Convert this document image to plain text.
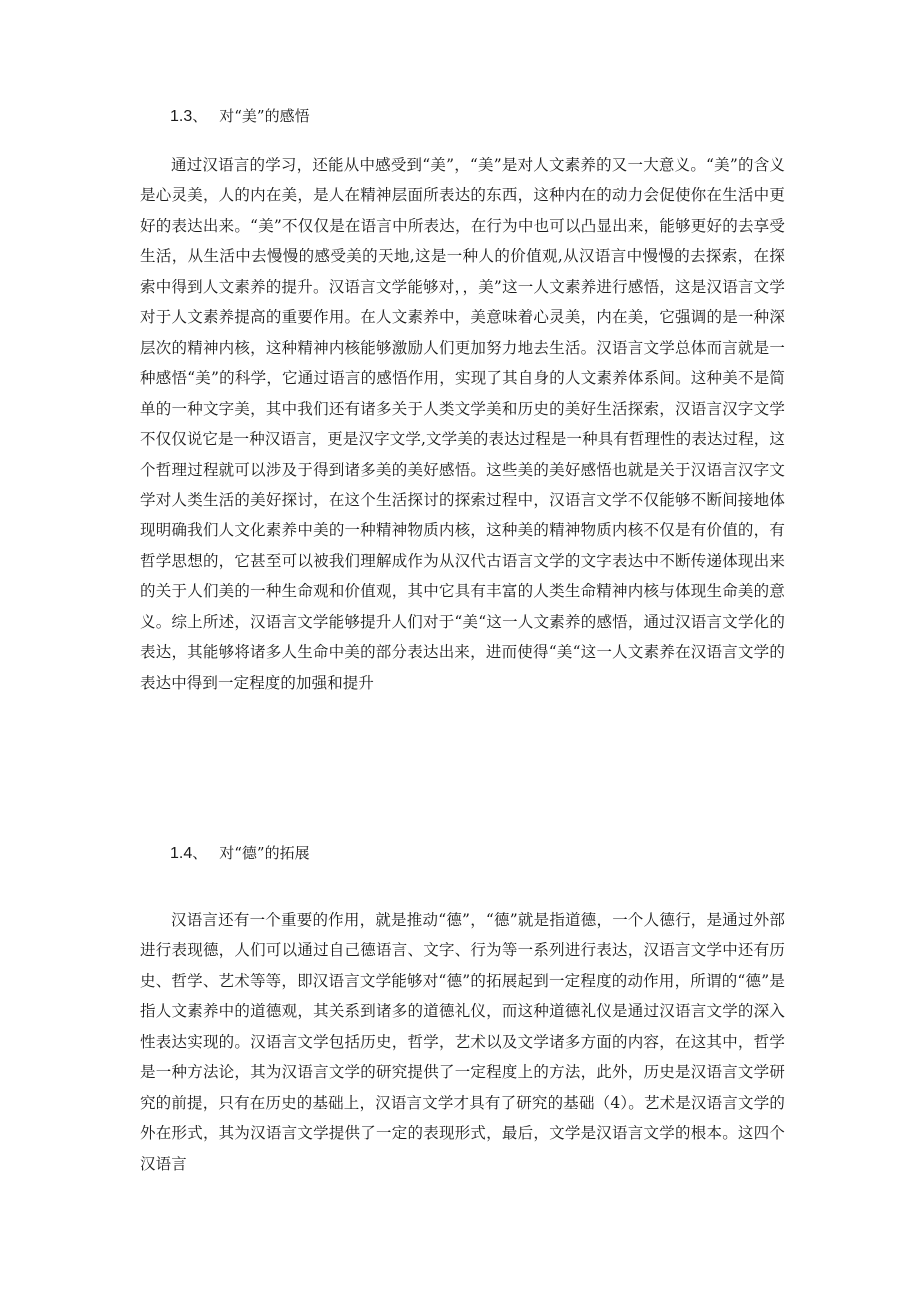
1.3、 对“美”的感悟

通过汉语言的学习，还能从中感受到“美”，“美”是对人文素养的又一大意义。“美”的含义是心灵美，人的内在美，是人在精神层面所表达的东西，这种内在的动力会促使你在生活中更好的表达出来。“美”不仅仅是在语言中所表达，在行为中也可以凸显出来，能够更好的去享受生活，从生活中去慢慢的感受美的天地,这是一种人的价值观,从汉语言中慢慢的去探索，在探索中得到人文素养的提升。汉语言文学能够对，，美”这一人文素养进行感悟，这是汉语言文学对于人文素养提高的重要作用。在人文素养中，美意味着心灵美，内在美，它强调的是一种深层次的精神内核，这种精神内核能够激励人们更加努力地去生活。汉语言文学总体而言就是一种感悟“美”的科学，它通过语言的感悟作用，实现了其自身的人文素养体系间。这种美不是简单的一种文字美，其中我们还有诸多关于人类文学美和历史的美好生活探索，汉语言汉字文学不仅仅说它是一种汉语言，更是汉字文学,文学美的表达过程是一种具有哲理性的表达过程，这个哲理过程就可以涉及于得到诸多美的美好感悟。这些美的美好感悟也就是关于汉语言汉字文学对人类生活的美好探讨，在这个生活探讨的探索过程中，汉语言文学不仅能够不断间接地体现明确我们人文化素养中美的一种精神物质内核，这种美的精神物质内核不仅是有价值的，有哲学思想的，它甚至可以被我们理解成作为从汉代古语言文学的文字表达中不断传递体现出来的关于人们美的一种生命观和价值观，其中它具有丰富的人类生命精神内核与体现生命美的意义。综上所述，汉语言文学能够提升人们对于“美“这一人文素养的感悟，通过汉语言文学化的表达，其能够将诸多人生命中美的部分表达出来，进而使得“美“这一人文素养在汉语言文学的表达中得到一定程度的加强和提升

1.4、 对“德”的拓展

汉语言还有一个重要的作用，就是推动“德”，“德”就是指道德，一个人德行，是通过外部进行表现德，人们可以通过自己德语言、文字、行为等一系列进行表达，汉语言文学中还有历史、哲学、艺术等等，即汉语言文学能够对“德”的拓展起到一定程度的动作用，所谓的“德”是指人文素养中的道德观，其关系到诸多的道德礼仪，而这种道德礼仪是通过汉语言文学的深入性表达实现的。汉语言文学包括历史，哲学，艺术以及文学诸多方面的内容，在这其中，哲学是一种方法论，其为汉语言文学的研究提供了一定程度上的方法，此外，历史是汉语言文学研究的前提，只有在历史的基础上，汉语言文学才具有了研究的基础（4）。艺术是汉语言文学的外在形式，其为汉语言文学提供了一定的表现形式，最后，文学是汉语言文学的根本。这四个汉语言
